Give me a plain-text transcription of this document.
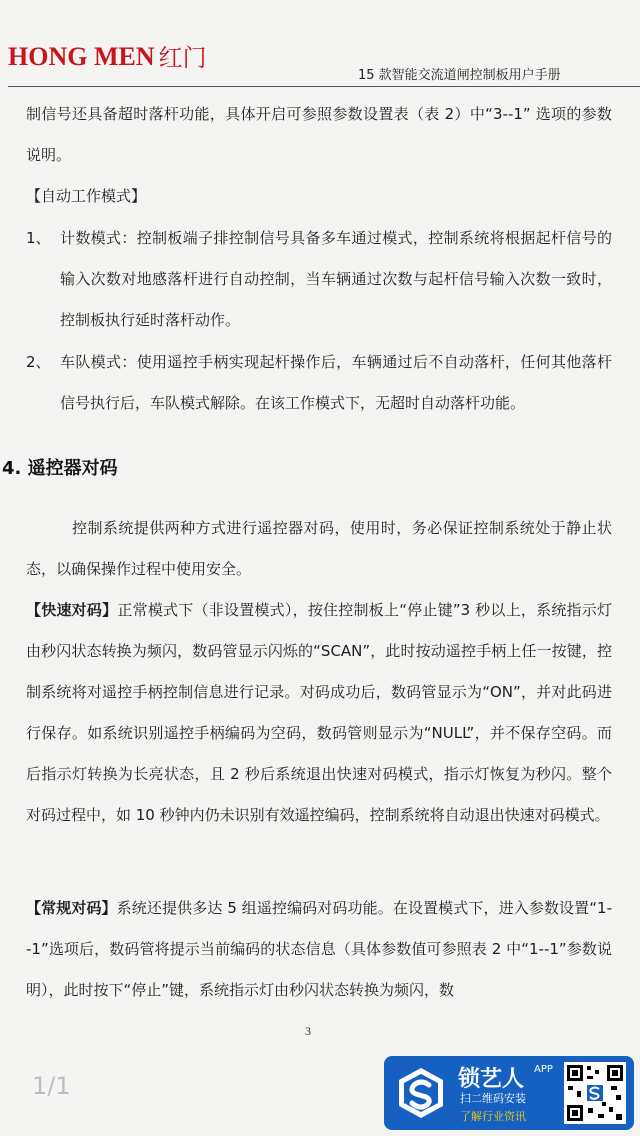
HONG MEN 红门
15 款智能交流道闸控制板用户手册

制信号还具备超时落杆功能，具体开启可参照参数设置表（表 2）中“3--1” 选项的参数说明。

【自动工作模式】
1、 计数模式：控制板端子排控制信号具备多车通过模式，控制系统将根据起杆信号的输入次数对地感落杆进行自动控制，当车辆通过次数与起杆信号输入次数一致时，控制板执行延时落杆动作。
2、 车队模式：使用遥控手柄实现起杆操作后，车辆通过后不自动落杆，任何其他落杆信号执行后，车队模式解除。在该工作模式下，无超时自动落杆功能。
4. 遥控器对码

控制系统提供两种方式进行遥控器对码，使用时，务必保证控制系统处于静止状态，以确保操作过程中使用安全。

【快速对码】正常模式下（非设置模式），按住控制板上“停止键”3 秒以上，系统指示灯由秒闪状态转换为频闪，数码管显示闪烁的“SCAN”，此时按动遥控手柄上任一按键，控制系统将对遥控手柄控制信息进行记录。对码成功后，数码管显示为“ON”，并对此码进行保存。如系统识别遥控手柄编码为空码，数码管则显示为“NULL”，并不保存空码。而后指示灯转换为长亮状态，且 2 秒后系统退出快速对码模式，指示灯恢复为秒闪。整个对码过程中，如 10 秒钟内仍未识别有效遥控编码，控制系统将自动退出快速对码模式。

【常规对码】系统还提供多达 5 组遥控编码对码功能。在设置模式下，进入参数设置“1--1”选项后，数码管将提示当前编码的状态信息（具体参数值可参照表 2 中“1--1”参数说明），此时按下“停止”键，系统指示灯由秒闪状态转换为频闪，数

3
1/1	锁艺人 APP
扫二维码安装
了解行业资讯
